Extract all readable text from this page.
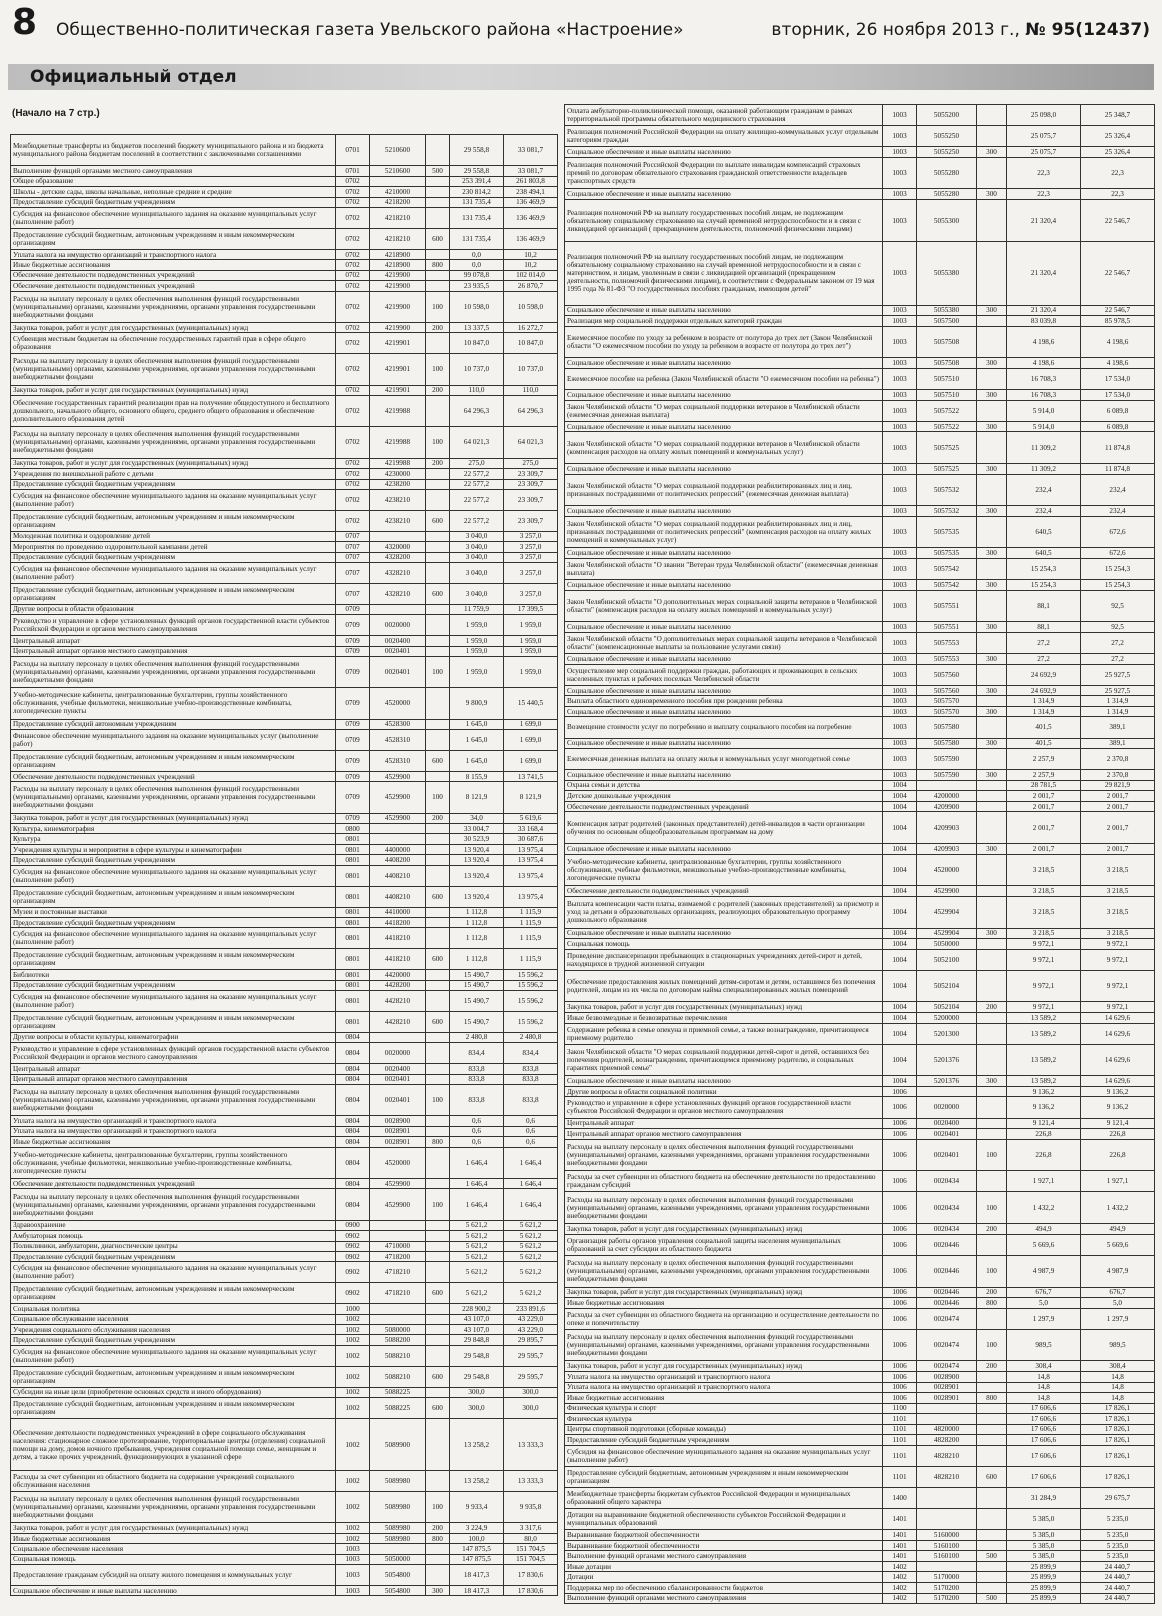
8 Общественно-политическая газета Увельского района «Настроение»	вторник, 26 ноября 2013 г., № 95(12437)
Официальный отдел
(Начало на 7 стр.)
Межбюджетные трансферты из бюджетов поселений бюджету муниципального района и из бюджета муниципального района бюджетам поселений в соответствии с заключенными соглашениями	0701	5210600		29 558,8	33 081,7
Выполнение функций органами местного самоуправления	0701	5210600	500	29 558,8	33 081,7
Общее образование	0702			253 391,4	261 803,8
Школы - детские сады, школы начальные, неполные средние и средние	0702	4210000		230 814,2	238 494,1
Предоставление субсидий бюджетным учреждениям	0702	4218200		131 735,4	136 469,9
Субсидия на финансовое обеспечение муниципального задания на оказание муниципальных услуг (выполнение работ)	0702	4218210		131 735,4	136 469,9
Предоставление субсидий бюджетным, автономным учреждениям и иным некоммерческим организациям	0702	4218210	600	131 735,4	136 469,9
Уплата налога на имущество организаций и транспортного налога	0702	4218900		0,0	10,2
Иные бюджетные ассигнования	0702	4218900	800	0,0	10,2
Обеспечение деятельности подведомственных учреждений	0702	4219900		99 078,8	102 014,0
Обеспечение деятельности подведомственных учреждений	0702	4219900		23 935,5	26 870,7
Расходы на выплату персоналу в целях обеспечения выполнения функций государственными (муниципальными) органами, казенными учреждениями, органами управления государственными внебюджетными фондами	0702	4219900	100	10 598,0	10 598,0
Закупка товаров, работ и услуг для государственных (муниципальных) нужд	0702	4219900	200	13 337,5	16 272,7
Субвенция местным бюджетам на обеспечение государственных гарантий прав в сфере общего образования	0702	4219901		10 847,0	10 847,0
Расходы на выплату персоналу в целях обеспечения выполнения функций государственными (муниципальными) органами, казенными учреждениями, органами управления государственными внебюджетными фондами	0702	4219901	100	10 737,0	10 737,0
Закупка товаров, работ и услуг для государственных (муниципальных) нужд	0702	4219901	200	110,0	110,0
Обеспечение государственных гарантий реализации прав на получение общедоступного и бесплатного дошкольного, начального общего, основного общего, среднего общего образования и обеспечение дополнительного образования детей	0702	4219988		64 296,3	64 296,3
Расходы на выплату персоналу в целях обеспечения выполнения функций государственными (муниципальными) органами, казенными учреждениями, органами управления государственными внебюджетными фондами	0702	4219988	100	64 021,3	64 021,3
Закупка товаров, работ и услуг для государственных (муниципальных) нужд	0702	4219988	200	275,0	275,0
Учреждения по внешкольной работе с детьми	0702	4230000		22 577,2	23 309,7
Предоставление субсидий бюджетным учреждениям	0702	4238200		22 577,2	23 309,7
Субсидия на финансовое обеспечение муниципального задания на оказание муниципальных услуг (выполнение работ)	0702	4238210		22 577,2	23 309,7
Предоставление субсидий бюджетным, автономным учреждениям и иным некоммерческим организациям	0702	4238210	600	22 577,2	23 309,7
Молодежная политика и оздоровление детей	0707			3 040,0	3 257,0
Мероприятия по проведению оздоровительной кампании детей	0707	4320000		3 040,0	3 257,0
Предоставление субсидий бюджетным учреждениям	0707	4328200		3 040,0	3 257,0
Субсидия на финансовое обеспечение муниципального задания на оказание муниципальных услуг (выполнение работ)	0707	4328210		3 040,0	3 257,0
Предоставление субсидий бюджетным, автономным учреждениям и иным некоммерческим организациям	0707	4328210	600	3 040,0	3 257,0
Другие вопросы в области образования	0709			11 759,9	17 399,5
Руководство и управление в сфере установленных функций органов государственной власти субъектов Российской Федерации и органов местного самоуправления	0709	0020000		1 959,0	1 959,0
Центральный аппарат	0709	0020400		1 959,0	1 959,0
Центральный аппарат органов местного самоуправления	0709	0020401		1 959,0	1 959,0
Расходы на выплату персоналу в целях обеспечения выполнения функций государственными (муниципальными) органами, казенными учреждениями, органами управления государственными внебюджетными фондами	0709	0020401	100	1 959,0	1 959,0
Учебно-методические кабинеты, централизованные бухгалтерии, группы хозяйственного обслуживания, учебные фильмотеки, межшкольные учебно-производственные комбинаты, логопедические пункты	0709	4520000		9 800,9	15 440,5
Предоставление субсидий автономным учреждениям	0709	4528300		1 645,0	1 699,0
Финансовое обеспечение муниципального задания на оказание муниципальных услуг (выполнение работ)	0709	4528310		1 645,0	1 699,0
Предоставление субсидий бюджетным, автономным учреждениям и иным некоммерческим организациям	0709	4528310	600	1 645,0	1 699,0
Обеспечение деятельности подведомственных учреждений	0709	4529900		8 155,9	13 741,5
Расходы на выплату персоналу в целях обеспечения выполнения функций государственными (муниципальными) органами, казенными учреждениями, органами управления государственными внебюджетными фондами	0709	4529900	100	8 121,9	8 121,9
Закупка товаров, работ и услуг для государственных (муниципальных) нужд	0709	4529900	200	34,0	5 619,6
Культура, кинематография	0800			33 004,7	33 168,4
Культура	0801			30 523,9	30 687,6
Учреждения культуры и мероприятия в сфере культуры и кинематографии	0801	4400000		13 920,4	13 975,4
Предоставление субсидий бюджетным учреждениям	0801	4408200		13 920,4	13 975,4
Субсидия на финансовое обеспечение муниципального задания на оказание муниципальных услуг (выполнение работ)	0801	4408210		13 920,4	13 975,4
Предоставление субсидий бюджетным, автономным учреждениям и иным некоммерческим организациям	0801	4408210	600	13 920,4	13 975,4
Музеи и постоянные выставки	0801	4410000		1 112,8	1 115,9
Предоставление субсидий бюджетным учреждениям	0801	4418200		1 112,8	1 115,9
Субсидия на финансовое обеспечение муниципального задания на оказание муниципальных услуг (выполнение работ)	0801	4418210		1 112,8	1 115,9
Предоставление субсидий бюджетным, автономным учреждениям и иным некоммерческим организациям	0801	4418210	600	1 112,8	1 115,9
Библиотеки	0801	4420000		15 490,7	15 596,2
Предоставление субсидий бюджетным учреждениям	0801	4428200		15 490,7	15 596,2
Субсидия на финансовое обеспечение муниципального задания на оказание муниципальных услуг (выполнение работ)	0801	4428210		15 490,7	15 596,2
Предоставление субсидий бюджетным, автономным учреждениям и иным некоммерческим организациям	0801	4428210	600	15 490,7	15 596,2
Другие вопросы в области культуры, кинематографии	0804			2 480,8	2 480,8
Руководство и управление в сфере установленных функций органов государственной власти субъектов Российской Федерации и органов местного самоуправления	0804	0020000		834,4	834,4
Центральный аппарат	0804	0020400		833,8	833,8
Центральный аппарат органов местного самоуправления	0804	0020401		833,8	833,8
Расходы на выплату персоналу в целях обеспечения выполнения функций государственными (муниципальными) органами, казенными учреждениями, органами управления государственными внебюджетными фондами	0804	0020401	100	833,8	833,8
Уплата налога на имущество организаций и транспортного налога	0804	0028900		0,6	0,6
Уплата налога на имущество организаций и транспортного налога	0804	0028901		0,6	0,6
Иные бюджетные ассигнования	0804	0028901	800	0,6	0,6
Учебно-методические кабинеты, централизованные бухгалтерии, группы хозяйственного обслуживания, учебные фильмотеки, межшкольные учебно-производственные комбинаты, логопедические пункты	0804	4520000		1 646,4	1 646,4
Обеспечение деятельности подведомственных учреждений	0804	4529900		1 646,4	1 646,4
Расходы на выплату персоналу в целях обеспечения выполнения функций государственными (муниципальными) органами, казенными учреждениями, органами управления государственными внебюджетными фондами	0804	4529900	100	1 646,4	1 646,4
Здравоохранение	0900			5 621,2	5 621,2
Амбулаторная помощь	0902			5 621,2	5 621,2
Поликлиники, амбулатории, диагностические центры	0902	4710000		5 621,2	5 621,2
Предоставление субсидий бюджетным учреждениям	0902	4718200		5 621,2	5 621,2
Субсидия на финансовое обеспечение муниципального задания на оказание муниципальных услуг (выполнение работ)	0902	4718210		5 621,2	5 621,2
Предоставление субсидий бюджетным, автономным учреждениям и иным некоммерческим организациям	0902	4718210	600	5 621,2	5 621,2
Социальная политика	1000			228 900,2	233 891,6
Социальное обслуживание населения	1002			43 107,0	43 229,0
Учреждения социального обслуживания населения	1002	5080000		43 107,0	43 229,0
Предоставление субсидий бюджетным учреждениям	1002	5088200		29 848,8	29 895,7
Субсидия на финансовое обеспечение муниципального задания на оказание муниципальных услуг (выполнение работ)	1002	5088210		29 548,8	29 595,7
Предоставление субсидий бюджетным, автономным учреждениям и иным некоммерческим организациям	1002	5088210	600	29 548,8	29 595,7
Субсидии на иные цели (приобретение основных средств и иного оборудования)	1002	5088225		300,0	300,0
Предоставление субсидий бюджетным, автономным учреждениям и иным некоммерческим организациям	1002	5088225	600	300,0	300,0
Обеспечение деятельности подведомственных учреждений в сфере социального обслуживания населения: стационарное сложное протезирование, территориальные центры (отделения) социальной помощи на дому, домов ночного пребывания, учреждения социальной помощи семье, женщинам и детям, а также прочих учреждений, функционирующих в указанной сфере	1002	5089900		13 258,2	13 333,3
Расходы за счет субвенции из областного бюджета на содержание учреждений социального обслуживания населения	1002	5089980		13 258,2	13 333,3
Расходы на выплату персоналу в целях обеспечения выполнения функций государственными (муниципальными) органами, казенными учреждениями, органами управления государственными внебюджетными фондами	1002	5089980	100	9 933,4	9 935,8
Закупка товаров, работ и услуг для государственных (муниципальных) нужд	1002	5089980	200	3 224,9	3 317,6
Иные бюджетные ассигнования	1002	5089980	800	100,0	80,0
Социальное обеспечение населения	1003			147 875,5	151 704,5
Социальная помощь	1003	5050000		147 875,5	151 704,5
Предоставление гражданам субсидий на оплату жилого помещения и коммунальных услуг	1003	5054800		18 417,3	17 830,6
Социальное обеспечение и иные выплаты населению	1003	5054800	300	18 417,3	17 830,6
Оплата амбулаторно-поликлинической помощи, оказанной работающим гражданам в рамках территориальной программы обязательного медицинского страхования	1003	5055200		25 098,0	25 348,7
Реализация полномочий Российской Федерации на оплату жилищно-коммунальных услуг отдельным категориям граждан	1003	5055250		25 075,7	25 326,4
Социальное обеспечение и иные выплаты населению	1003	5055250	300	25 075,7	25 326,4
Реализация полномочий Российской Федерации по выплате инвалидам компенсаций страховых премий по договорам обязательного страхования гражданской ответственности владельцев транспортных средств	1003	5055280		22,3	22,3
Социальное обеспечение и иные выплаты населению	1003	5055280	300	22,3	22,3
Реализация полномочий РФ на выплату государственных пособий лицам, не подлежащим обязательному социальному страхованию на случай временной нетрудоспособности и в связи с ликвидацией организаций ( прекращением деятельности, полномочий физическими лицами)	1003	5055300		21 320,4	22 546,7
Реализация полномочий РФ на выплату государственных пособий лицам, не подлежащим обязательному социальному страхованию на случай временной нетрудоспособности и в связи с материнством, и лицам, уволенным в связи с ликвидацией организаций (прекращением деятельности, полномочий физическими лицами), в соответствии с Федеральным законом от 19 мая 1995 года № 81-ФЗ "О государственных пособиях гражданам, имеющим детей"	1003	5055380		21 320,4	22 546,7
Социальное обеспечение и иные выплаты населению	1003	5055380	300	21 320,4	22 546,7
Реализация мер социальной поддержки отдельных категорий граждан	1003	5057500		83 039,8	85 978,5
Ежемесячное пособие по уходу за ребенком в возрасте от полутора до трех лет (Закон Челябинской области "О ежемесячном пособии по уходу за ребенком в возрасте от полутора до трех лет")	1003	5057508		4 198,6	4 198,6
Социальное обеспечение и иные выплаты населению	1003	5057508	300	4 198,6	4 198,6
Ежемесячное пособие на ребенка (Закон Челябинской области "О ежемесячном пособии на ребенка")	1003	5057510		16 708,3	17 534,0
Социальное обеспечение и иные выплаты населению	1003	5057510	300	16 708,3	17 534,0
Закон Челябинской области "О мерах социальной поддержки ветеранов в Челябинской области (ежемесячная денежная выплата)	1003	5057522		5 914,0	6 089,8
Социальное обеспечение и иные выплаты населению	1003	5057522	300	5 914,0	6 089,8
Закон Челябинской области "О мерах социальной поддержки ветеранов в Челябинской области (компенсация расходов на оплату жилых помещений и коммунальных услуг)	1003	5057525		11 309,2	11 874,8
Социальное обеспечение и иные выплаты населению	1003	5057525	300	11 309,2	11 874,8
Закон Челябинской области "О мерах социальной поддержки реабилитированных лиц и лиц, признанных пострадавшими от политических репрессий" (ежемесячная денежная выплата)	1003	5057532		232,4	232,4
Социальное обеспечение и иные выплаты населению	1003	5057532	300	232,4	232,4
Закон Челябинской области "О мерах социальной поддержки реабилитированных лиц и лиц, признанных пострадавшими от политических репрессий" (компенсация расходов на оплату жилых помещений и коммунальных услуг)	1003	5057535		640,5	672,6
Социальное обеспечение и иные выплаты населению	1003	5057535	300	640,5	672,6
Закон Челябинской области "О звании "Ветеран труда Челябинской области" (ежемесячная денежная выплата)	1003	5057542		15 254,3	15 254,3
Социальное обеспечение и иные выплаты населению	1003	5057542	300	15 254,3	15 254,3
Закон Челябинской области "О дополнительных мерах социальной защиты ветеранов в Челябинской области" (компенсация расходов на оплату жилых помещений и коммунальных услуг)	1003	5057551		88,1	92,5
Социальное обеспечение и иные выплаты населению	1003	5057551	300	88,1	92,5
Закон Челябинской области "О дополнительных мерах социальной защиты ветеранов в Челябинской области" (компенсационные выплаты за пользование услугами связи)	1003	5057553		27,2	27,2
Социальное обеспечение и иные выплаты населению	1003	5057553	300	27,2	27,2
Осуществление мер социальной поддержки граждан, работающих и проживающих в сельских населенных пунктах и рабочих поселках Челябинской области	1003	5057560		24 692,9	25 927,5
Социальное обеспечение и иные выплаты населению	1003	5057560	300	24 692,9	25 927,5
Выплата областного единовременного пособия при рождении ребенка	1003	5057570		1 314,9	1 314,9
Социальное обеспечение и иные выплаты населению	1003	5057570	300	1 314,9	1 314,9
Возмещение стоимости услуг по погребению и выплату социального пособия на погребение	1003	5057580		401,5	389,1
Социальное обеспечение и иные выплаты населению	1003	5057580	300	401,5	389,1
Ежемесячная денежная выплата на оплату жилья и коммунальных услуг многодетной семье	1003	5057590		2 257,9	2 370,8
Социальное обеспечение и иные выплаты населению	1003	5057590	300	2 257,9	2 370,8
Охрана семьи и детства	1004			28 781,5	29 821,9
Детские дошкольные учреждения	1004	4200000		2 001,7	2 001,7
Обеспечение деятельности подведомственных учреждений	1004	4209900		2 001,7	2 001,7
Компенсация затрат родителей (законных представителей) детей-инвалидов в части организации обучения по основным общеобразовательным программам на дому	1004	4209903		2 001,7	2 001,7
Социальное обеспечение и иные выплаты населению	1004	4209903	300	2 001,7	2 001,7
Учебно-методические кабинеты, централизованные бухгалтерии, группы хозяйственного обслуживания, учебные фильмотеки, межшкольные учебно-производственные комбинаты, логопедические пункты	1004	4520000		3 218,5	3 218,5
Обеспечение деятельности подведомственных учреждений	1004	4529900		3 218,5	3 218,5
Выплата компенсации части платы, взимаемой с родителей (законных представителей) за присмотр и уход за детьми в образовательных организациях, реализующих образовательную программу дошкольного образования	1004	4529904		3 218,5	3 218,5
Социальное обеспечение и иные выплаты населению	1004	4529904	300	3 218,5	3 218,5
Социальная помощь	1004	5050000		9 972,1	9 972,1
Проведение диспансеризации пребывающих в стационарных учреждениях детей-сирот и детей, находящихся в трудной жизненной ситуации	1004	5052100		9 972,1	9 972,1
Обеспечение предоставления жилых помещений детям-сиротам и детям, оставшимся без попечения родителей, лицам из их числа по договорам найма специализированных жилых помещений	1004	5052104		9 972,1	9 972,1
Закупка товаров, работ и услуг для государственных (муниципальных) нужд	1004	5052104	200	9 972,1	9 972,1
Иные безвозмездные и безвозвратные перечисления	1004	5200000		13 589,2	14 629,6
Содержание ребенка в семье опекуна и приемной семье, а также вознаграждение, причитающееся приемному родителю	1004	5201300		13 589,2	14 629,6
Закон Челябинской области "О мерах социальной поддержки детей-сирот и детей, оставшихся без попечения родителей, вознаграждении, причитающемся приемному родителю, и социальных гарантиях приемной семье"	1004	5201376		13 589,2	14 629,6
Социальное обеспечение и иные выплаты населению	1004	5201376	300	13 589,2	14 629,6
Другие вопросы в области социальной политики	1006			9 136,2	9 136,2
Руководство и управление в сфере установленных функций органов государственной власти субъектов Российской Федерации и органов местного самоуправления	1006	0020000		9 136,2	9 136,2
Центральный аппарат	1006	0020400		9 121,4	9 121,4
Центральный аппарат органов местного самоуправления	1006	0020401		226,8	226,8
Расходы на выплату персоналу в целях обеспечения выполнения функций государственными (муниципальными) органами, казенными учреждениями, органами управления государственными внебюджетными фондами	1006	0020401	100	226,8	226,8
Расходы за счет субвенции из областного бюджета на обеспечение деятельности по предоставлению гражданам субсидий	1006	0020434		1 927,1	1 927,1
Расходы на выплату персоналу в целях обеспечения выполнения функций государственными (муниципальными) органами, казенными учреждениями, органами управления государственными внебюджетными фондами	1006	0020434	100	1 432,2	1 432,2
Закупка товаров, работ и услуг для государственных (муниципальных) нужд	1006	0020434	200	494,9	494,9
Организация работы органов управления социальной защиты населения муниципальных образований за счет субсидии из областного бюджета	1006	0020446		5 669,6	5 669,6
Расходы на выплату персоналу в целях обеспечения выполнения функций государственными (муниципальными) органами, казенными учреждениями, органами управления государственными внебюджетными фондами	1006	0020446	100	4 987,9	4 987,9
Закупка товаров, работ и услуг для государственных (муниципальных) нужд	1006	0020446	200	676,7	676,7
Иные бюджетные ассигнования	1006	0020446	800	5,0	5,0
Расходы за счет субвенции из областного бюджета на организацию и осуществление деятельности по опеке и попечительству	1006	0020474		1 297,9	1 297,9
Расходы на выплату персоналу в целях обеспечения выполнения функций государственными (муниципальными) органами, казенными учреждениями, органами управления государственными внебюджетными фондами	1006	0020474	100	989,5	989,5
Закупка товаров, работ и услуг для государственных (муниципальных) нужд	1006	0020474	200	308,4	308,4
Уплата налога на имущество организаций и транспортного налога	1006	0028900		14,8	14,8
Уплата налога на имущество организаций и транспортного налога	1006	0028901		14,8	14,8
Иные бюджетные ассигнования	1006	0028901	800	14,8	14,8
Физическая культура и спорт	1100			17 606,6	17 826,1
Физическая культура	1101			17 606,6	17 826,1
Центры спортивной подготовки (сборные команды)	1101	4820000		17 606,6	17 826,1
Предоставление субсидий бюджетным учреждениям	1101	4828200		17 606,6	17 826,1
Субсидия на финансовое обеспечение муниципального задания на оказание муниципальных услуг (выполнение работ)	1101	4828210		17 606,6	17 826,1
Предоставление субсидий бюджетным, автономным учреждениям и иным некоммерческим организациям	1101	4828210	600	17 606,6	17 826,1
Межбюджетные трансферты бюджетам субъектов Российской Федерации и муниципальных образований общего характера	1400			31 284,9	29 675,7
Дотации на выравнивание бюджетной обеспеченности субъектов Российской Федерации и муниципальных образований	1401			5 385,0	5 235,0
Выравнивание бюджетной обеспеченности	1401	5160000		5 385,0	5 235,0
Выравнивание бюджетной обеспеченности	1401	5160100		5 385,0	5 235,0
Выполнение функций органами местного самоуправления	1401	5160100	500	5 385,0	5 235,0
Иные дотации	1402			25 899,9	24 440,7
Дотации	1402	5170000		25 899,9	24 440,7
Поддержка мер по обеспечению сбалансированности бюджетов	1402	5170200		25 899,9	24 440,7
Выполнение функций органами местного самоуправления	1402	5170200	500	25 899,9	24 440,7
